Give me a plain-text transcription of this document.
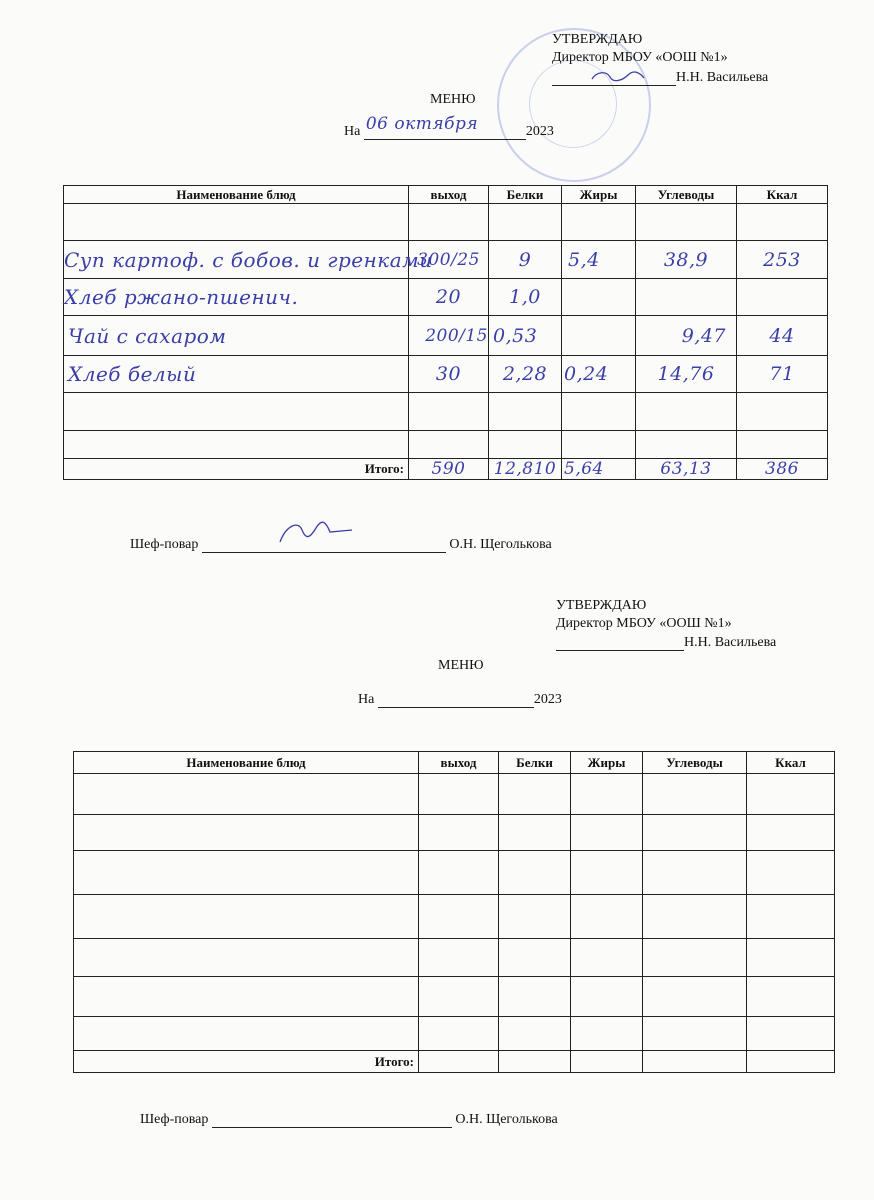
УТВЕРЖДАЮ
Директор МБОУ «ООШ №1»
Н.Н. Васильева
МЕНЮ
На 06 октября	2023
Наименование блюд	выход	Белки	Жиры	Углеводы	Ккал

Суп картоф. с бобов. и гренками	300/25	9	5,4	38,9	253
Хлеб ржано-пшенич.	20	1,0			
Чай с сахаром	200/15	0,53		9,47	44
Хлеб белый	30	2,28	0,24	14,76	71

Итого:	590	12,810	5,64	63,13	386
Шеф-повар	О.Н. Щеголькова
УТВЕРЖДАЮ
Директор МБОУ «ООШ №1»
Н.Н. Васильева
МЕНЮ
На	2023
Наименование блюд	выход	Белки	Жиры	Углеводы	Ккал

Итого:					
Шеф-повар	О.Н. Щеголькова
